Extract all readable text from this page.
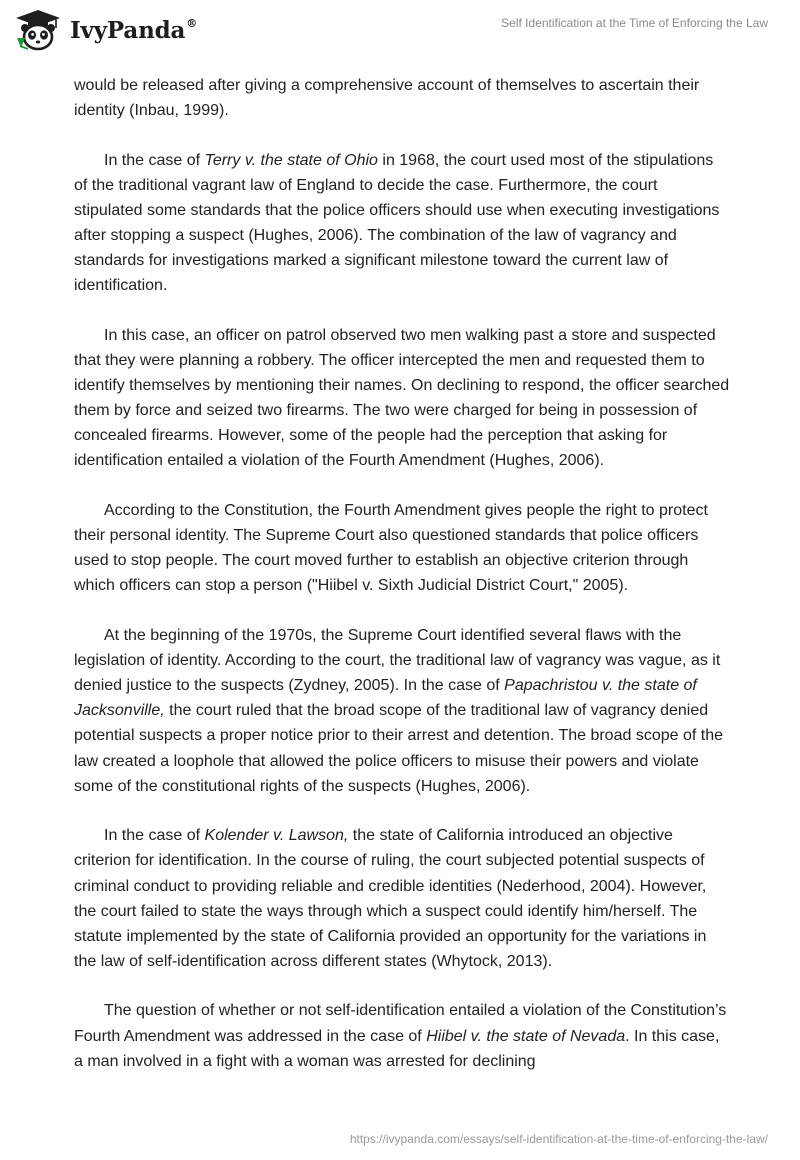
IvyPanda®	Self Identification at the Time of Enforcing the Law

would be released after giving a comprehensive account of themselves to ascertain their identity (Inbau, 1999).

In the case of Terry v. the state of Ohio in 1968, the court used most of the stipulations of the traditional vagrant law of England to decide the case. Furthermore, the court stipulated some standards that the police officers should use when executing investigations after stopping a suspect (Hughes, 2006). The combination of the law of vagrancy and standards for investigations marked a significant milestone toward the current law of identification.

In this case, an officer on patrol observed two men walking past a store and suspected that they were planning a robbery. The officer intercepted the men and requested them to identify themselves by mentioning their names. On declining to respond, the officer searched them by force and seized two firearms. The two were charged for being in possession of concealed firearms. However, some of the people had the perception that asking for identification entailed a violation of the Fourth Amendment (Hughes, 2006).

According to the Constitution, the Fourth Amendment gives people the right to protect their personal identity. The Supreme Court also questioned standards that police officers used to stop people. The court moved further to establish an objective criterion through which officers can stop a person ("Hiibel v. Sixth Judicial District Court," 2005).

At the beginning of the 1970s, the Supreme Court identified several flaws with the legislation of identity. According to the court, the traditional law of vagrancy was vague, as it denied justice to the suspects (Zydney, 2005). In the case of Papachristou v. the state of Jacksonville, the court ruled that the broad scope of the traditional law of vagrancy denied potential suspects a proper notice prior to their arrest and detention. The broad scope of the law created a loophole that allowed the police officers to misuse their powers and violate some of the constitutional rights of the suspects (Hughes, 2006).

In the case of Kolender v. Lawson, the state of California introduced an objective criterion for identification. In the course of ruling, the court subjected potential suspects of criminal conduct to providing reliable and credible identities (Nederhood, 2004). However, the court failed to state the ways through which a suspect could identify him/herself. The statute implemented by the state of California provided an opportunity for the variations in the law of self-identification across different states (Whytock, 2013).

The question of whether or not self-identification entailed a violation of the Constitution’s Fourth Amendment was addressed in the case of Hiibel v. the state of Nevada. In this case, a man involved in a fight with a woman was arrested for declining

https://ivypanda.com/essays/self-identification-at-the-time-of-enforcing-the-law/
